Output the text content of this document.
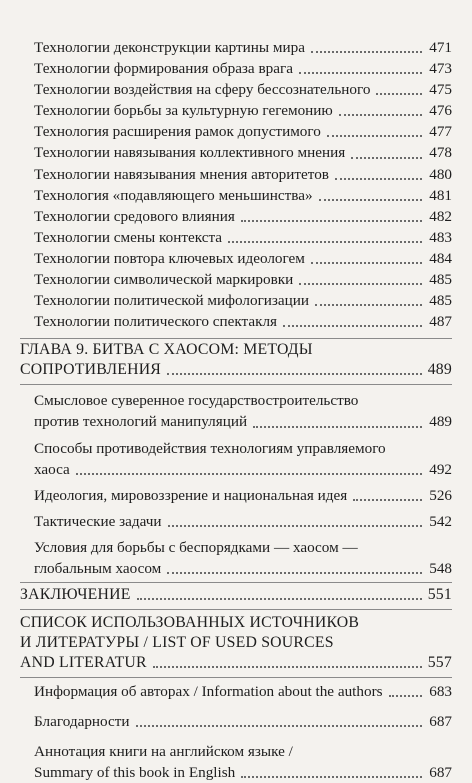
Технологии деконструкции картины мира	471
Технологии формирования образа врага	473
Технологии воздействия на сферу бессознательного	475
Технологии борьбы за культурную гегемонию	476
Технология расширения рамок допустимого	477
Технологии навязывания коллективного мнения	478
Технологии навязывания мнения авторитетов	480
Технология «подавляющего меньшинства»	481
Технологии средового влияния	482
Технологии смены контекста	483
Технологии повтора ключевых идеологем	484
Технологии символической маркировки	485
Технологии политической мифологизации	485
Технологии политического спектакля	487
ГЛАВА 9. БИТВА С ХАОСОМ: МЕТОДЫ
СОПРОТИВЛЕНИЯ	489
Смысловое суверенное государствостроительство
против технологий манипуляций	489
Способы противодействия технологиям управляемого
хаоса	492
Идеология, мировоззрение и национальная идея	526
Тактические задачи	542
Условия для борьбы с беспорядками — хаосом —
глобальным хаосом	548
ЗАКЛЮЧЕНИЕ	551
СПИСОК ИСПОЛЬЗОВАННЫХ ИСТОЧНИКОВ
И ЛИТЕРАТУРЫ / LIST OF USED SOURCES
AND LITERATUR	557
Информация об авторах / Information about the authors	683
Благодарности	687
Аннотация книги на английском языке /
Summary of this book in English	687
